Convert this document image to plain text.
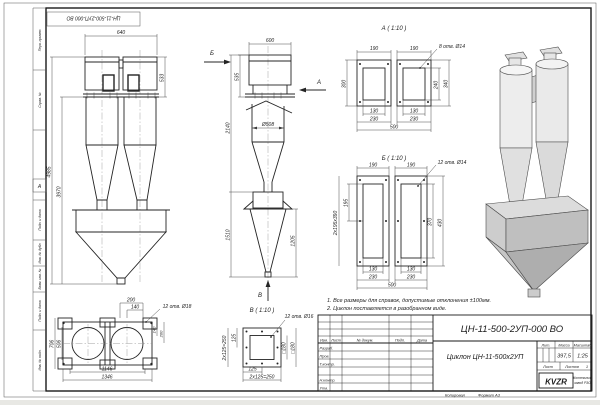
Перв. примен.
Справ. №
Подп. и дата
Инв. № дубл.
Взам. инв. №
Подп. и дата
Инв. № подл.
А
ЦН-11-500-2УП-000 ВО
640
533
4985
3970
Б
А
600
535
Ø508
2140
1510
1205
В
А ( 1:10 )
190	190	8 отв. Ø14
300	240 340
130	130
230	230
500
Б ( 1:10 )
190	190	12 отв. Ø14
195
2х195х390	370 430
130	130
230	230
500
200
140	12 отв. Ø18
706 506
140
200
1146
1346
В ( 1:10 )
12 отв. Ø16
125
2х125=250	□180 □180
125
2х125=250
1. Все размеры для справок, допустимые отклонения ±100мм.
2. Циклон поставляется в разобранном виде.
Изм. Лист	№ докум.	Подп.	Дата
Разраб.
Пров.
Т.контр.
Н.контр.
Утв.
ЦН-11-500-2УП-000 ВО
Циклон ЦН-11-500х2УП
Лит. Масса Масштаб
397,5 1:25
Лист	Листов 1
KVZR Котельный
завод РЗО
Копировал	Формат А3
